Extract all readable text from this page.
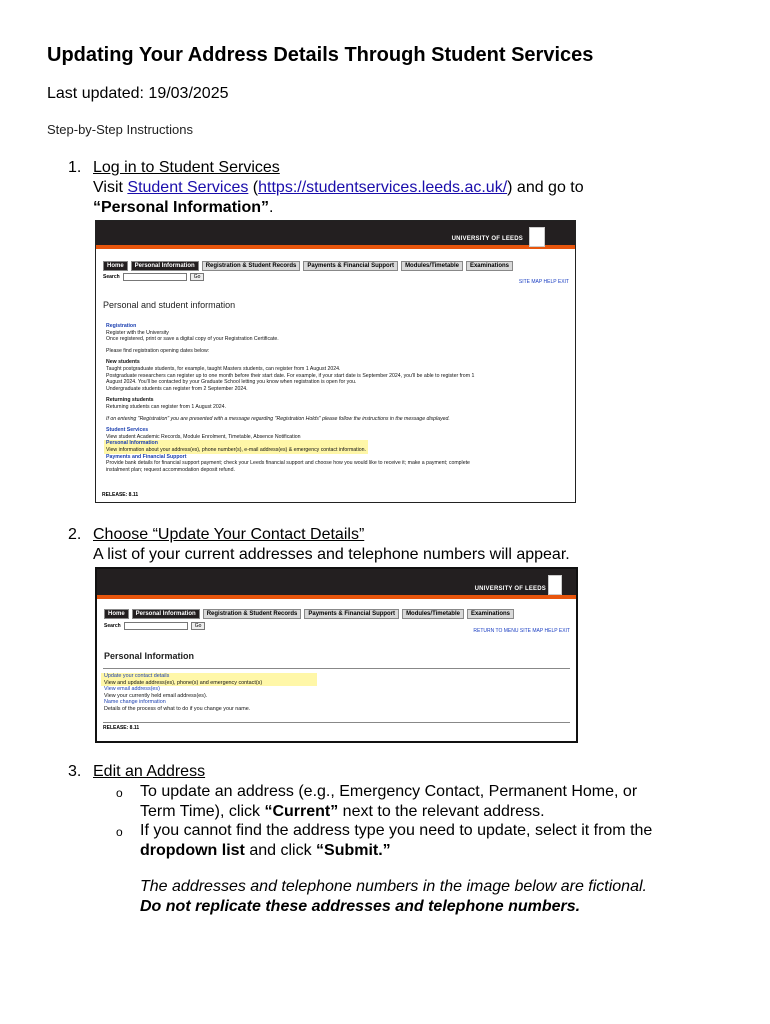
Updating Your Address Details Through Student Services
Last updated: 19/03/2025
Step-by-Step Instructions
1. Log in to Student Services
Visit Student Services (https://studentservices.leeds.ac.uk/) and go to
“Personal Information”.
UNIVERSITY OF LEEDS
Home	Personal Information	Registration & Student Records	Payments & Financial Support	Modules/Timetable	Examinations
Search	Go
SITE MAP HELP EXIT
Personal and student information
Registration
Register with the University
Once registered, print or save a digital copy of your Registration Certificate.
Please find registration opening dates below:
New students
Taught postgraduate students, for example, taught Masters students, can register from 1 August 2024.
Postgraduate researchers can register up to one month before their start date. For example, if your start date is September 2024, you'll be able to register from 1
August 2024. You'll be contacted by your Graduate School letting you know when registration is open for you.
Undergraduate students can register from 2 September 2024.
Returning students
Returning students can register from 1 August 2024.
If on entering "Registration" you are presented with a message regarding "Registration Holds" please follow the instructions in the message displayed.
Student Services
View student Academic Records, Module Enrolment, Timetable, Absence Notification
Personal Information
View information about your address(es), phone number(s), e-mail address(es) & emergency contact information.
Payments and Financial Support
Provide bank details for financial support payment; check your Leeds financial support and choose how you would like to receive it; make a payment; complete
instalment plan; request accommodation deposit refund.
RELEASE: 8.11
2. Choose “Update Your Contact Details”
A list of your current addresses and telephone numbers will appear.
UNIVERSITY OF LEEDS
Home	Personal Information	Registration & Student Records	Payments & Financial Support	Modules/Timetable	Examinations
Search	Go
RETURN TO MENU SITE MAP HELP EXIT
Personal Information
Update your contact details
View and update address(es), phone(s) and emergency contact(s)
View email address(es)
View your currently held email address(es).
Name change information
Details of the process of what to do if you change your name.
RELEASE: 8.11
3. Edit an Address
o To update an address (e.g., Emergency Contact, Permanent Home, or
Term Time), click “Current” next to the relevant address.
o If you cannot find the address type you need to update, select it from the
dropdown list and click “Submit.”
The addresses and telephone numbers in the image below are fictional.
Do not replicate these addresses and telephone numbers.
